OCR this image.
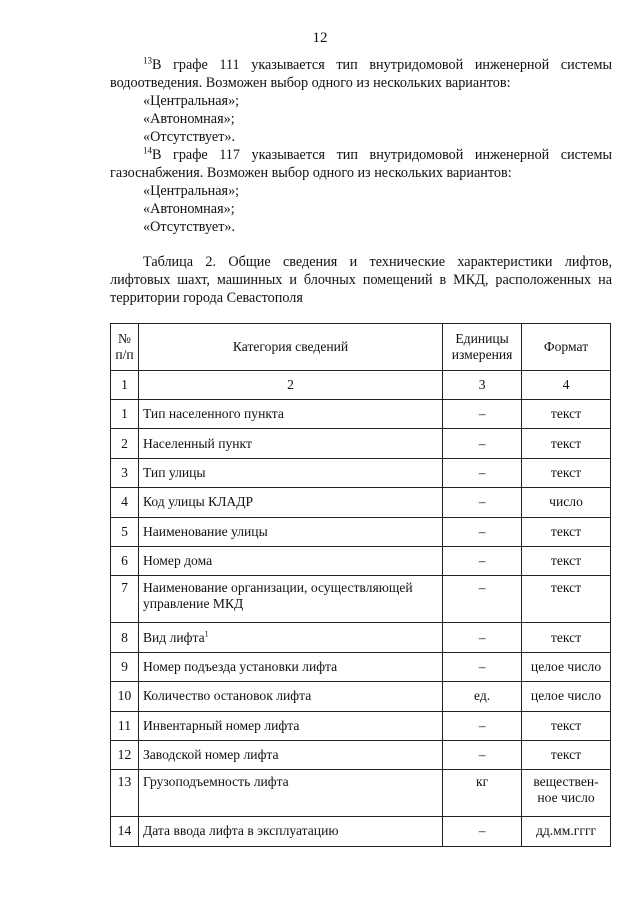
12

$^{13}$В графе 111 указывается тип внутридомовой инженерной системы водоотведения. Возможен выбор одного из нескольких вариантов:

«Центральная»;

«Автономная»;

«Отсутствует».

$^{14}$В графе 117 указывается тип внутридомовой инженерной системы газоснабжения. Возможен выбор одного из нескольких вариантов:

«Центральная»;

«Автономная»;

«Отсутствует».

Таблица 2. Общие сведения и технические характеристики лифтов, лифтовых шахт, машинных и блочных помещений в МКД, расположенных на территории города Севастополя
№ п/п	Категория сведений	Единицы измерения	Формат
1	2	3	4
1	Тип населенного пункта	–	текст
2	Населенный пункт	–	текст
3	Тип улицы	–	текст
4	Код улицы КЛАДР	–	число
5	Наименование улицы	–	текст
6	Номер дома	–	текст
7	Наименование организации, осуществляющей управление МКД	–	текст
8	Вид лифта$^1$	–	текст
9	Номер подъезда установки лифта	–	целое число
10	Количество остановок лифта	ед.	целое число
11	Инвентарный номер лифта	–	текст
12	Заводской номер лифта	–	текст
13	Грузоподъемность лифта	кг	веществен- ное число
14	Дата ввода лифта в эксплуатацию	–	дд.мм.гггг
